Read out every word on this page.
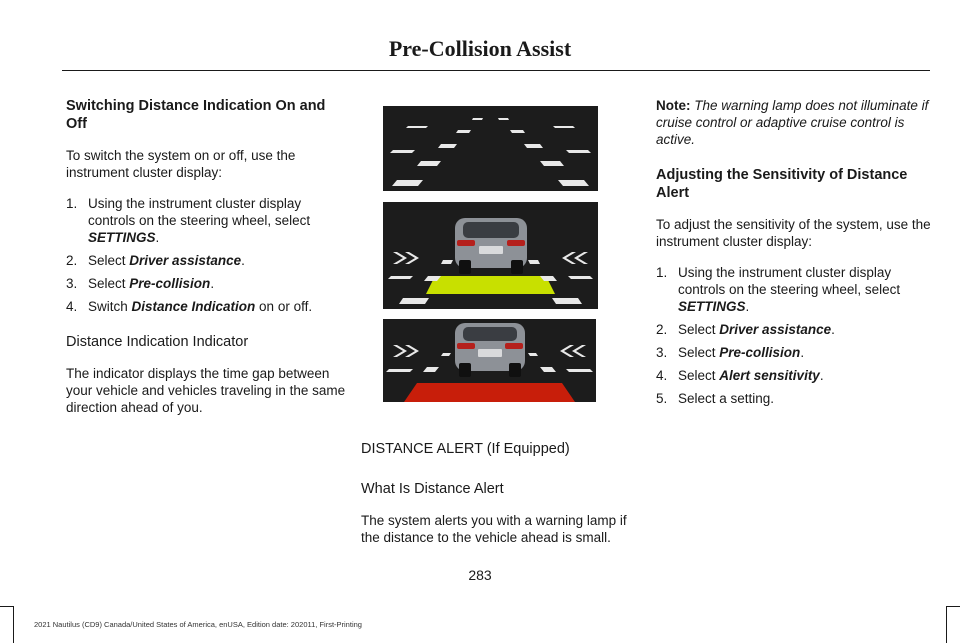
Pre-Collision Assist
Switching Distance Indication On and Off

To switch the system on or off, use the instrument cluster display:

1. Using the instrument cluster display controls on the steering wheel, select SETTINGS.
2. Select Driver assistance.
3. Select Pre-collision.
4. Switch Distance Indication on or off.
Distance Indication Indicator

The indicator displays the time gap between your vehicle and vehicles traveling in the same direction ahead of you.

DISTANCE ALERT (If Equipped)
What Is Distance Alert

The system alerts you with a warning lamp if the distance to the vehicle ahead is small.

Note: The warning lamp does not illuminate if cruise control or adaptive cruise control is active.

Adjusting the Sensitivity of Distance Alert

To adjust the sensitivity of the system, use the instrument cluster display:

1. Using the instrument cluster display controls on the steering wheel, select SETTINGS.
2. Select Driver assistance.
3. Select Pre-collision.
4. Select Alert sensitivity.
5. Select a setting.
283
2021 Nautilus (CD9) Canada/United States of America, enUSA, Edition date: 202011, First-Printing
